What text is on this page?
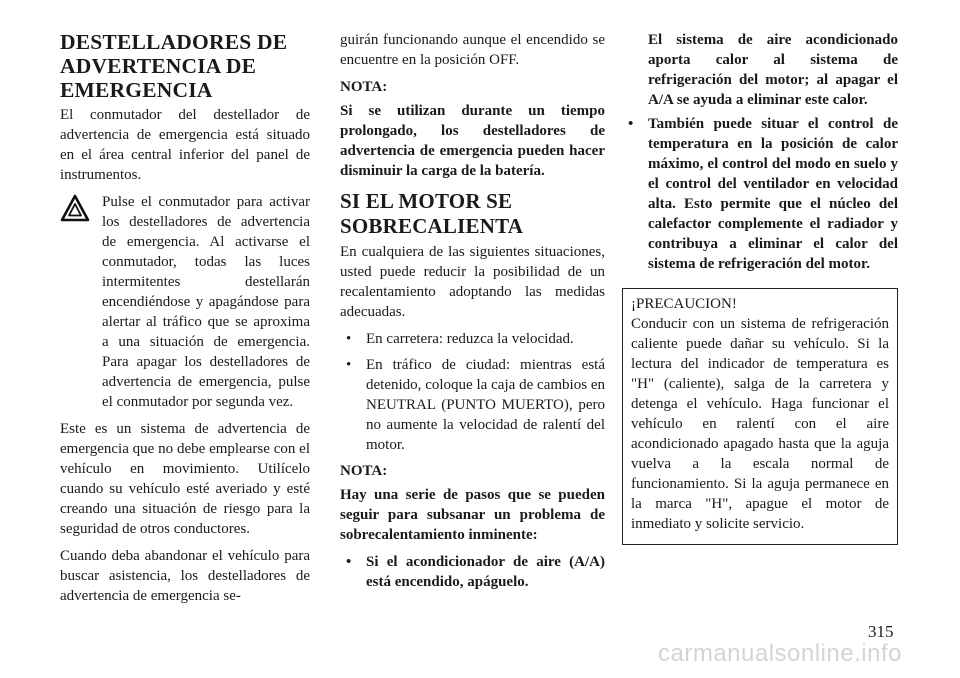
DESTELLADORES DE ADVERTENCIA DE EMERGENCIA

El conmutador del destellador de advertencia de emergencia está situado en el área central inferior del panel de instrumentos.

Pulse el conmutador para activar los destelladores de advertencia de emergencia. Al activarse el conmutador, todas las luces intermitentes destellarán encendiéndose y apagándose para alertar al tráfico que se aproxima a una situación de emergencia. Para apagar los destelladores de advertencia de emergencia, pulse el conmutador por segunda vez.

Este es un sistema de advertencia de emergencia que no debe emplearse con el vehículo en movimiento. Utilícelo cuando su vehículo esté averiado y esté creando una situación de riesgo para la seguridad de otros conductores.

Cuando deba abandonar el vehículo para buscar asistencia, los destelladores de advertencia de emergencia se-

guirán funcionando aunque el encendido se encuentre en la posición OFF.

NOTA:

Si se utilizan durante un tiempo prolongado, los destelladores de advertencia de emergencia pueden hacer disminuir la carga de la batería.

SI EL MOTOR SE SOBRECALIENTA

En cualquiera de las siguientes situaciones, usted puede reducir la posibilidad de un recalentamiento adoptando las medidas adecuadas.

• En carretera: reduzca la velocidad.
• En tráfico de ciudad: mientras está detenido, coloque la caja de cambios en NEUTRAL (PUNTO MUERTO), pero no aumente la velocidad de ralentí del motor.

NOTA:

Hay una serie de pasos que se pueden seguir para subsanar un problema de sobrecalentamiento inminente:

• Si el acondicionador de aire (A/A) está encendido, apáguelo.
El sistema de aire acondicionado aporta calor al sistema de refrigeración del motor; al apagar el A/A se ayuda a eliminar este calor.
• También puede situar el control de temperatura en la posición de calor máximo, el control del modo en suelo y el control del ventilador en velocidad alta. Esto permite que el núcleo del calefactor complemente el radiador y contribuya a eliminar el calor del sistema de refrigeración del motor.
¡PRECAUCION!
Conducir con un sistema de refrigeración caliente puede dañar su vehículo. Si la lectura del indicador de temperatura es "H" (caliente), salga de la carretera y detenga el vehículo. Haga funcionar el vehículo en ralentí con el aire acondicionado apagado hasta que la aguja vuelva a la escala normal de funcionamiento. Si la aguja permanece en la marca "H", apague el motor de inmediato y solicite servicio.
315
carmanualsonline.info
